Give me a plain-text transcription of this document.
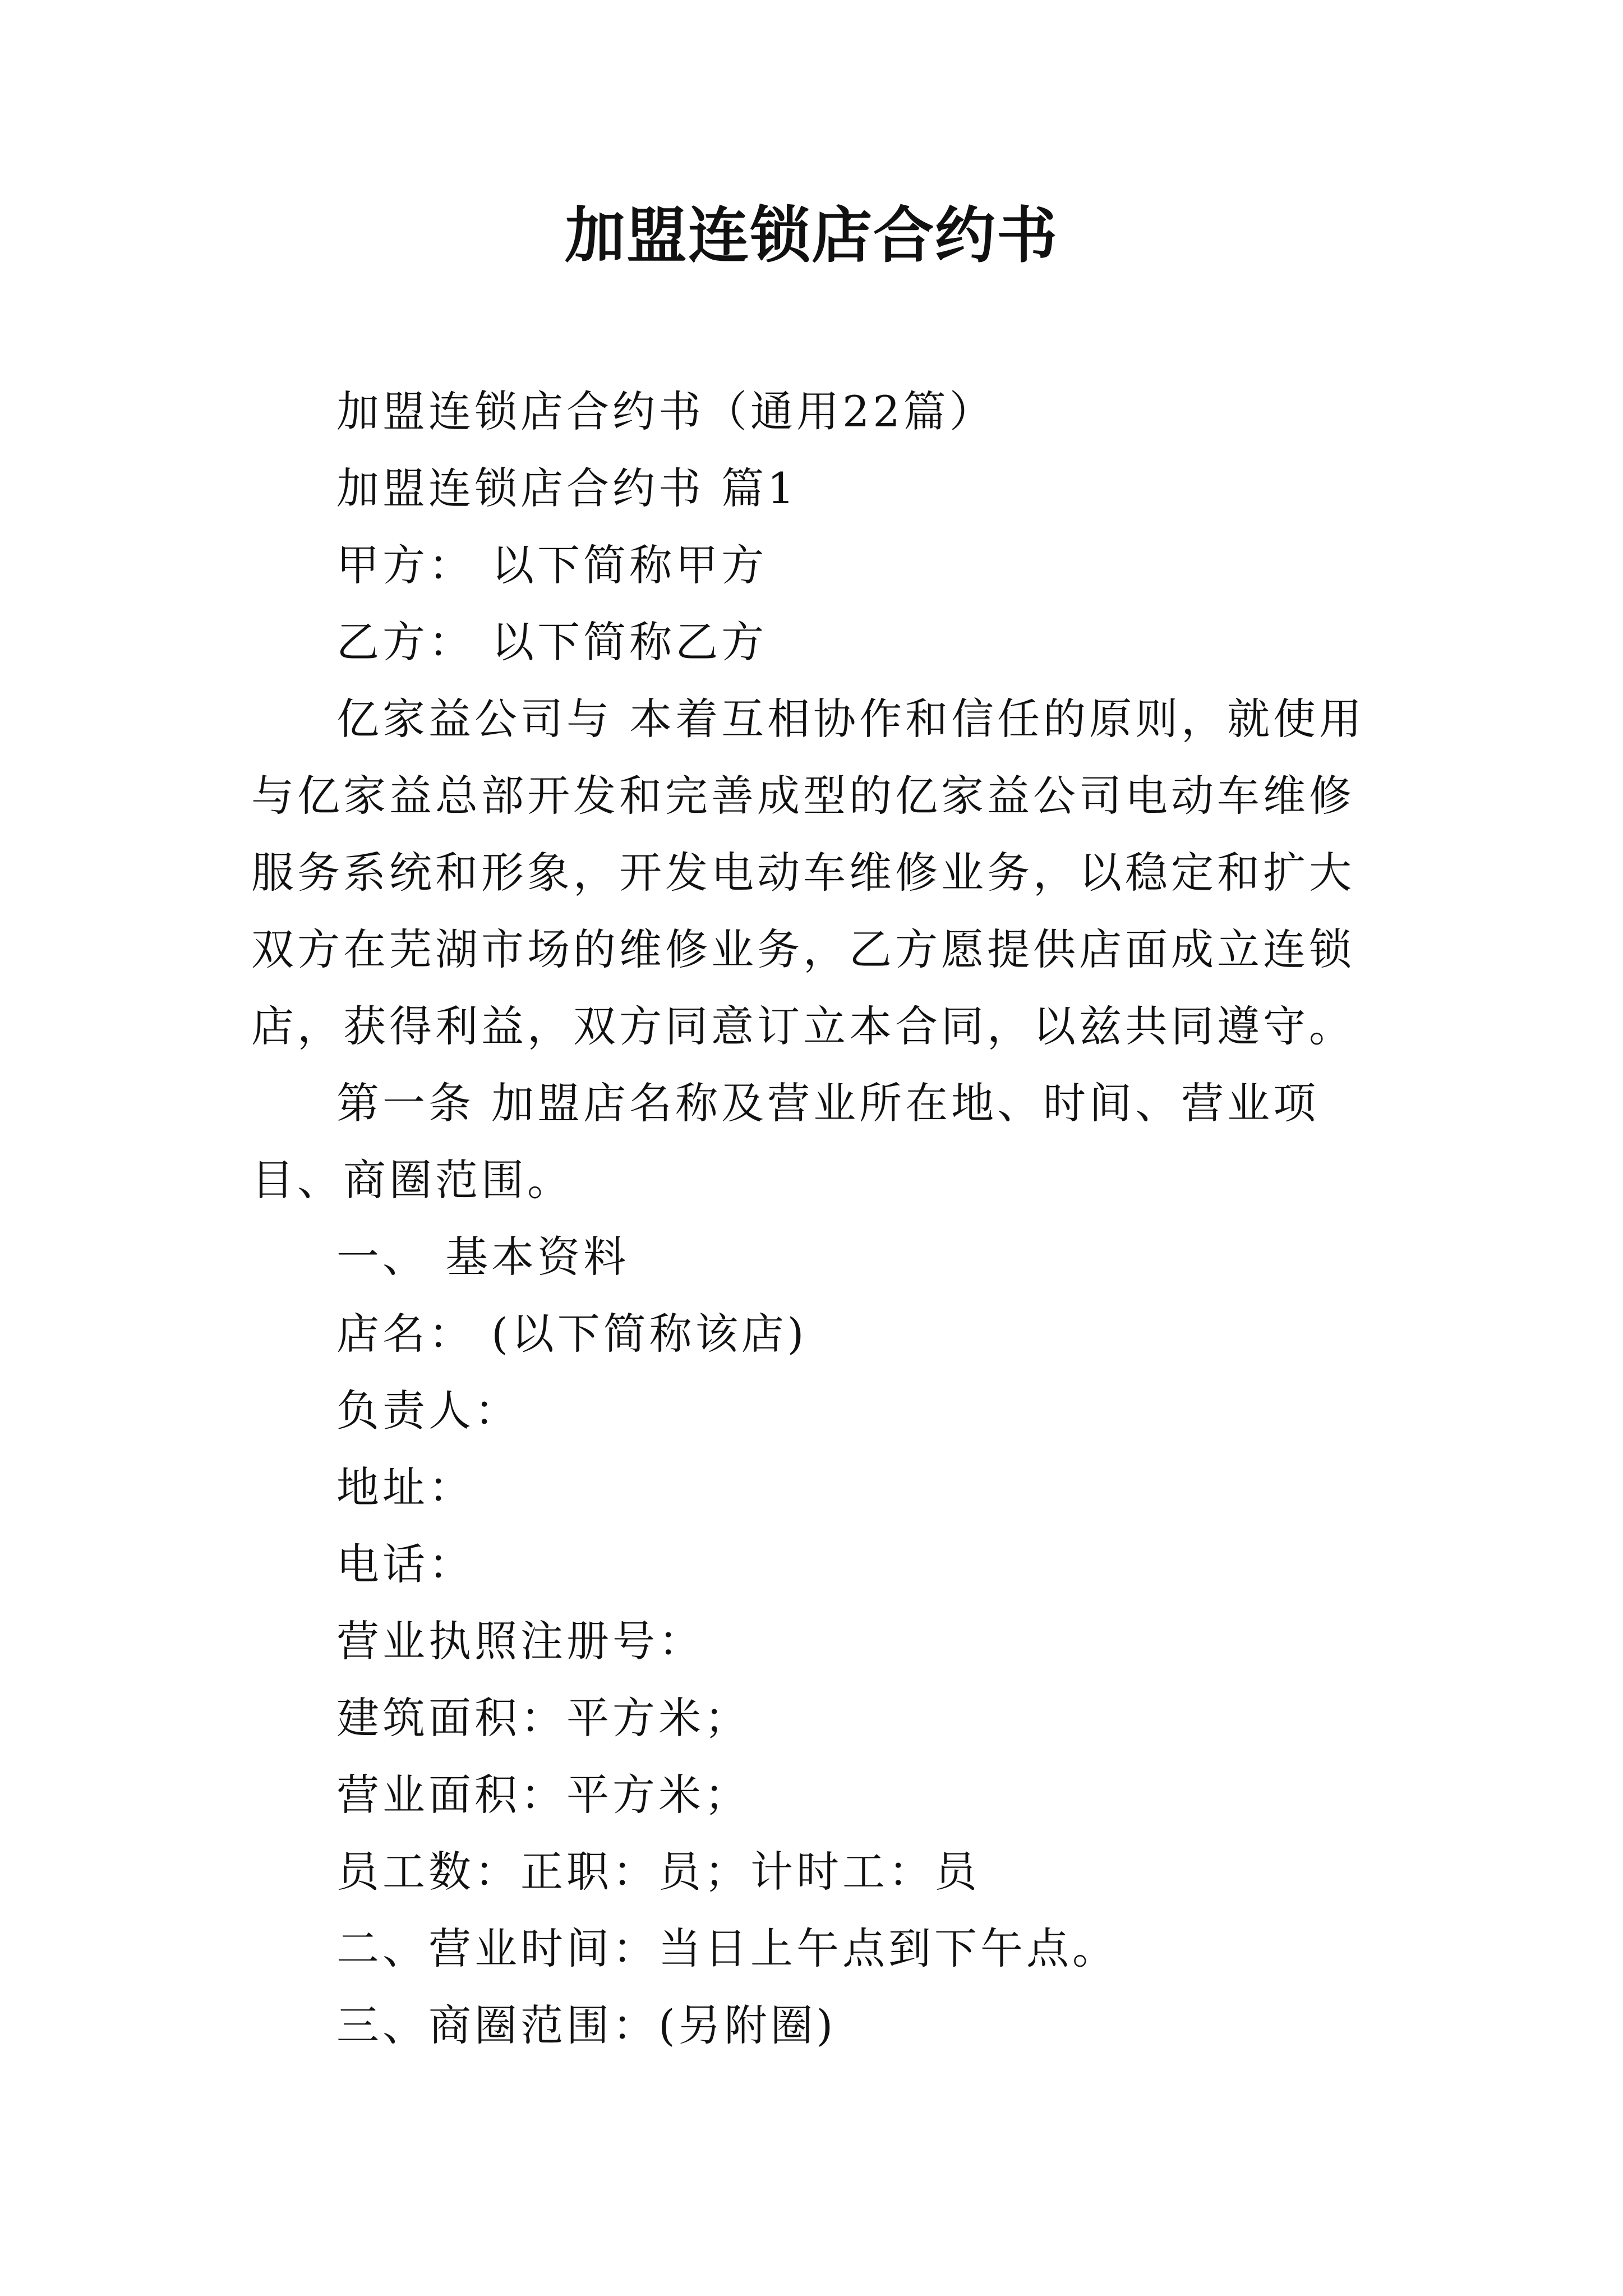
加盟连锁店合约书

加盟连锁店合约书（通用22篇）

加盟连锁店合约书 篇1

甲方： 以下简称甲方

乙方： 以下简称乙方

亿家益公司与 本着互相协作和信任的原则，就使用与亿家益总部开发和完善成型的亿家益公司电动车维修服务系统和形象，开发电动车维修业务，以稳定和扩大双方在芜湖市场的维修业务，乙方愿提供店面成立连锁店，获得利益，双方同意订立本合同，以兹共同遵守。

第一条 加盟店名称及营业所在地、时间、营业项目、商圈范围。

一、 基本资料

店名： (以下简称该店)

负责人：

地址：

电话：

营业执照注册号：

建筑面积：平方米；

营业面积：平方米；

员工数：正职：员；计时工：员

二、营业时间：当日上午点到下午点。

三、商圈范围：(另附圈)
